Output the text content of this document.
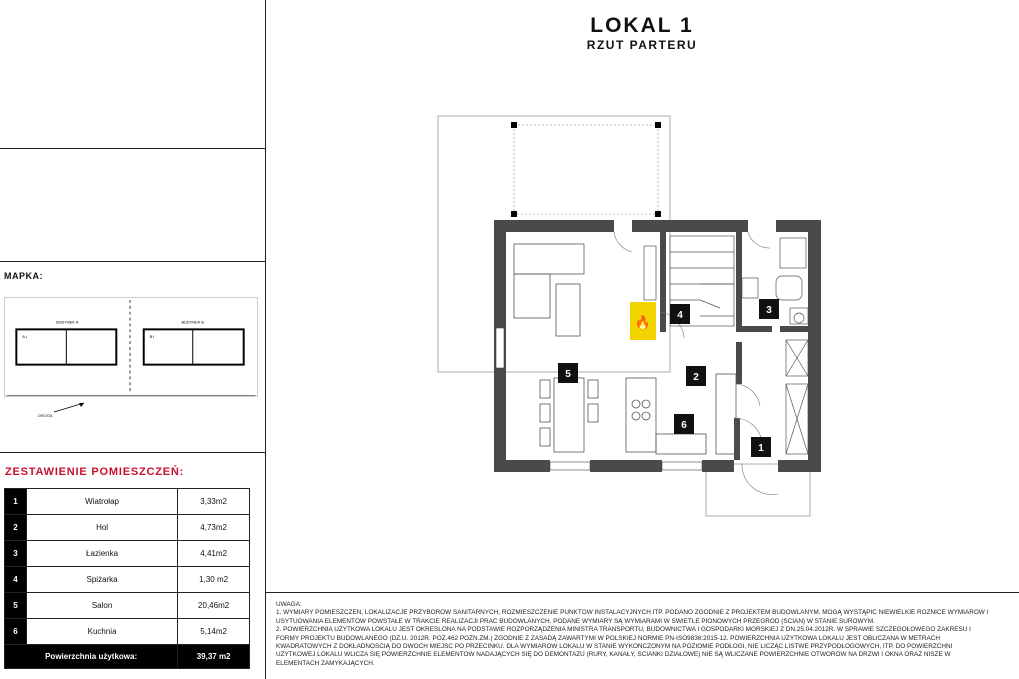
MAPKA:
BUDYNEK A
A.I
BUDYNEK B
B.I
DROGA
ZESTAWIENIE POMIESZCZEŃ:
1	Wiatrołap	3,33m2
2	Hol	4,73m2
3	Łazienka	4,41m2
4	Spiżarka	1,30 m2
5	Salon	20,46m2
6	Kuchnia	5,14m2
Powierzchnia użytkowa:		39,37 m2
LOKAL 1
RZUT PARTERU
🔥
1
2
3
4
5
6
UWAGA:
1. WYMIARY POMIESZCZEŃ, LOKALIZACJE PRZYBORÓW SANITARNYCH, ROZMIESZCZENIE PUNKTÓW INSTALACYJNYCH ITP. PODANO ZGODNIE Z PROJEKTEM BUDOWLANYM. MOGĄ WYSTĄPIĆ NIEWIELKIE RÓŻNICE WYMIARÓW I
USYTUOWANIA ELEMENTÓW POWSTAŁE W TRAKCIE REALIZACJI PRAC BUDOWLANYCH. PODANE WYMIARY SĄ WYMIARAMI W ŚWIETLE PIONOWYCH PRZEGRÓD (ŚCIAN) W STANIE SUROWYM.
2. POWIERZCHNIA UŻYTKOWA LOKALU JEST OKREŚLONA NA PODSTAWIE ROZPORZĄDZENIA MINISTRA TRANSPORTU, BUDOWNICTWA I GOSPODARKI MORSKIEJ Z DN.25.04.2012R. W SPRAWIE SZCZEGÓŁOWEGO ZAKRESU I
FORMY PROJEKTU BUDOWLANEGO (DZ.U. 2012R. POZ.462 PÓŹN.ZM.) ZGODNIE Z ZASADĄ ZAWARTYMI W POLSKIEJ NORMIE PN-ISO9836:2015-12. POWIERZCHNIA UŻYTKOWA LOKALU JEST OBLICZANA W METRACH
KWADRATOWYCH Z DOKŁADNOŚCIĄ DO DWÓCH MIEJSC PO PRZECINKU. DLA WYMIARÓW LOKALU W STANIE WYKOŃCZONYM NA POZIOMIE PODŁOGI, NIE LICZĄC LISTWE PRZYPODŁOGOWYCH, ITP. DO POWIERZCHNI
UŻYTKOWEJ LOKALU WLICZA SIĘ POWIERZCHNIE ELEMENTÓW NADAJĄCYCH SIĘ DO DEMONTAŻU (RURY, KANAŁY, ŚCIANKI DZIAŁOWE) NIE SĄ WLICZANE POWIERZCHNIE OTWORÓW NA DRZWI I OKNA ORAZ NISZE W
ELEMENTACH ZAMYKAJĄCYCH.
